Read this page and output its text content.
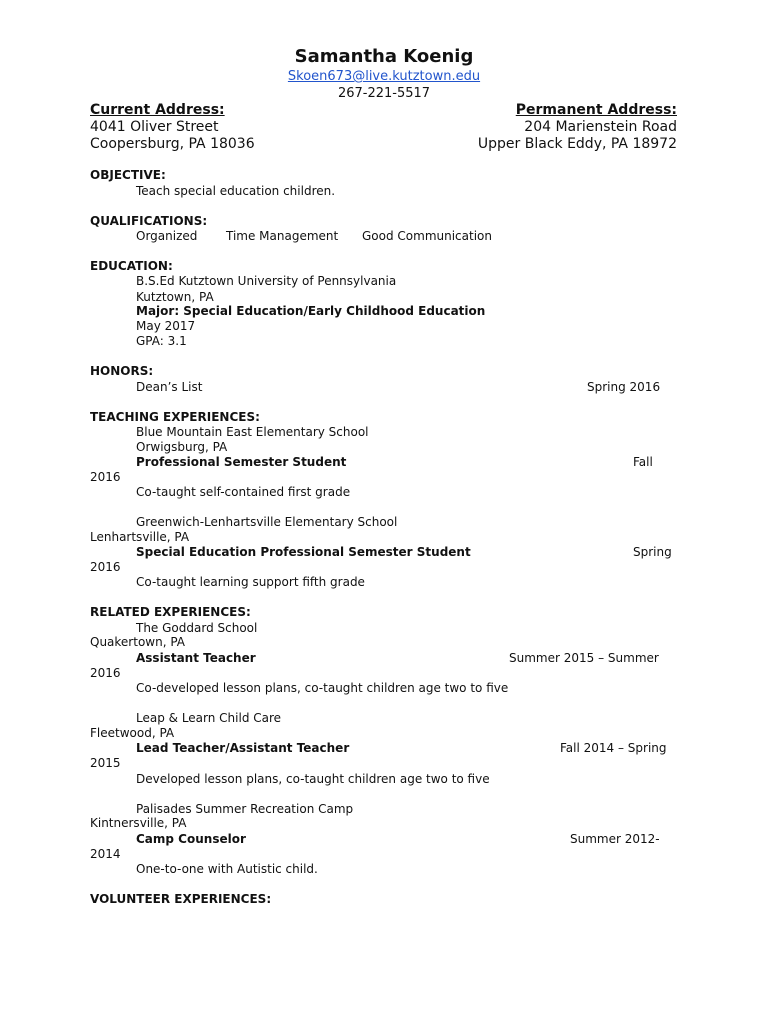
Samantha Koenig
Skoen673@live.kutztown.edu
267-221-5517
Current Address:
4041 Oliver Street
Coopersburg, PA 18036
Permanent Address:
204 Marienstein Road
Upper Black Eddy, PA 18972
OBJECTIVE:
Teach special education children.
QUALIFICATIONS:
Organized Time Management Good Communication
EDUCATION:
B.S.Ed Kutztown University of Pennsylvania
Kutztown, PA
Major: Special Education/Early Childhood Education
May 2017
GPA: 3.1
HONORS:
Dean’s List	Spring 2016
TEACHING EXPERIENCES:
Blue Mountain East Elementary School
Orwigsburg, PA
Professional Semester Student	Fall
2016
Co-taught self-contained first grade
Greenwich-Lenhartsville Elementary School
Lenhartsville, PA
Special Education Professional Semester Student	Spring
2016
Co-taught learning support fifth grade
RELATED EXPERIENCES:
The Goddard School
Quakertown, PA
Assistant Teacher	Summer 2015 – Summer
2016
Co-developed lesson plans, co-taught children age two to five
Leap & Learn Child Care
Fleetwood, PA
Lead Teacher/Assistant Teacher	Fall 2014 – Spring
2015
Developed lesson plans, co-taught children age two to five
Palisades Summer Recreation Camp
Kintnersville, PA
Camp Counselor	Summer 2012-
2014
One-to-one with Autistic child.
VOLUNTEER EXPERIENCES:
